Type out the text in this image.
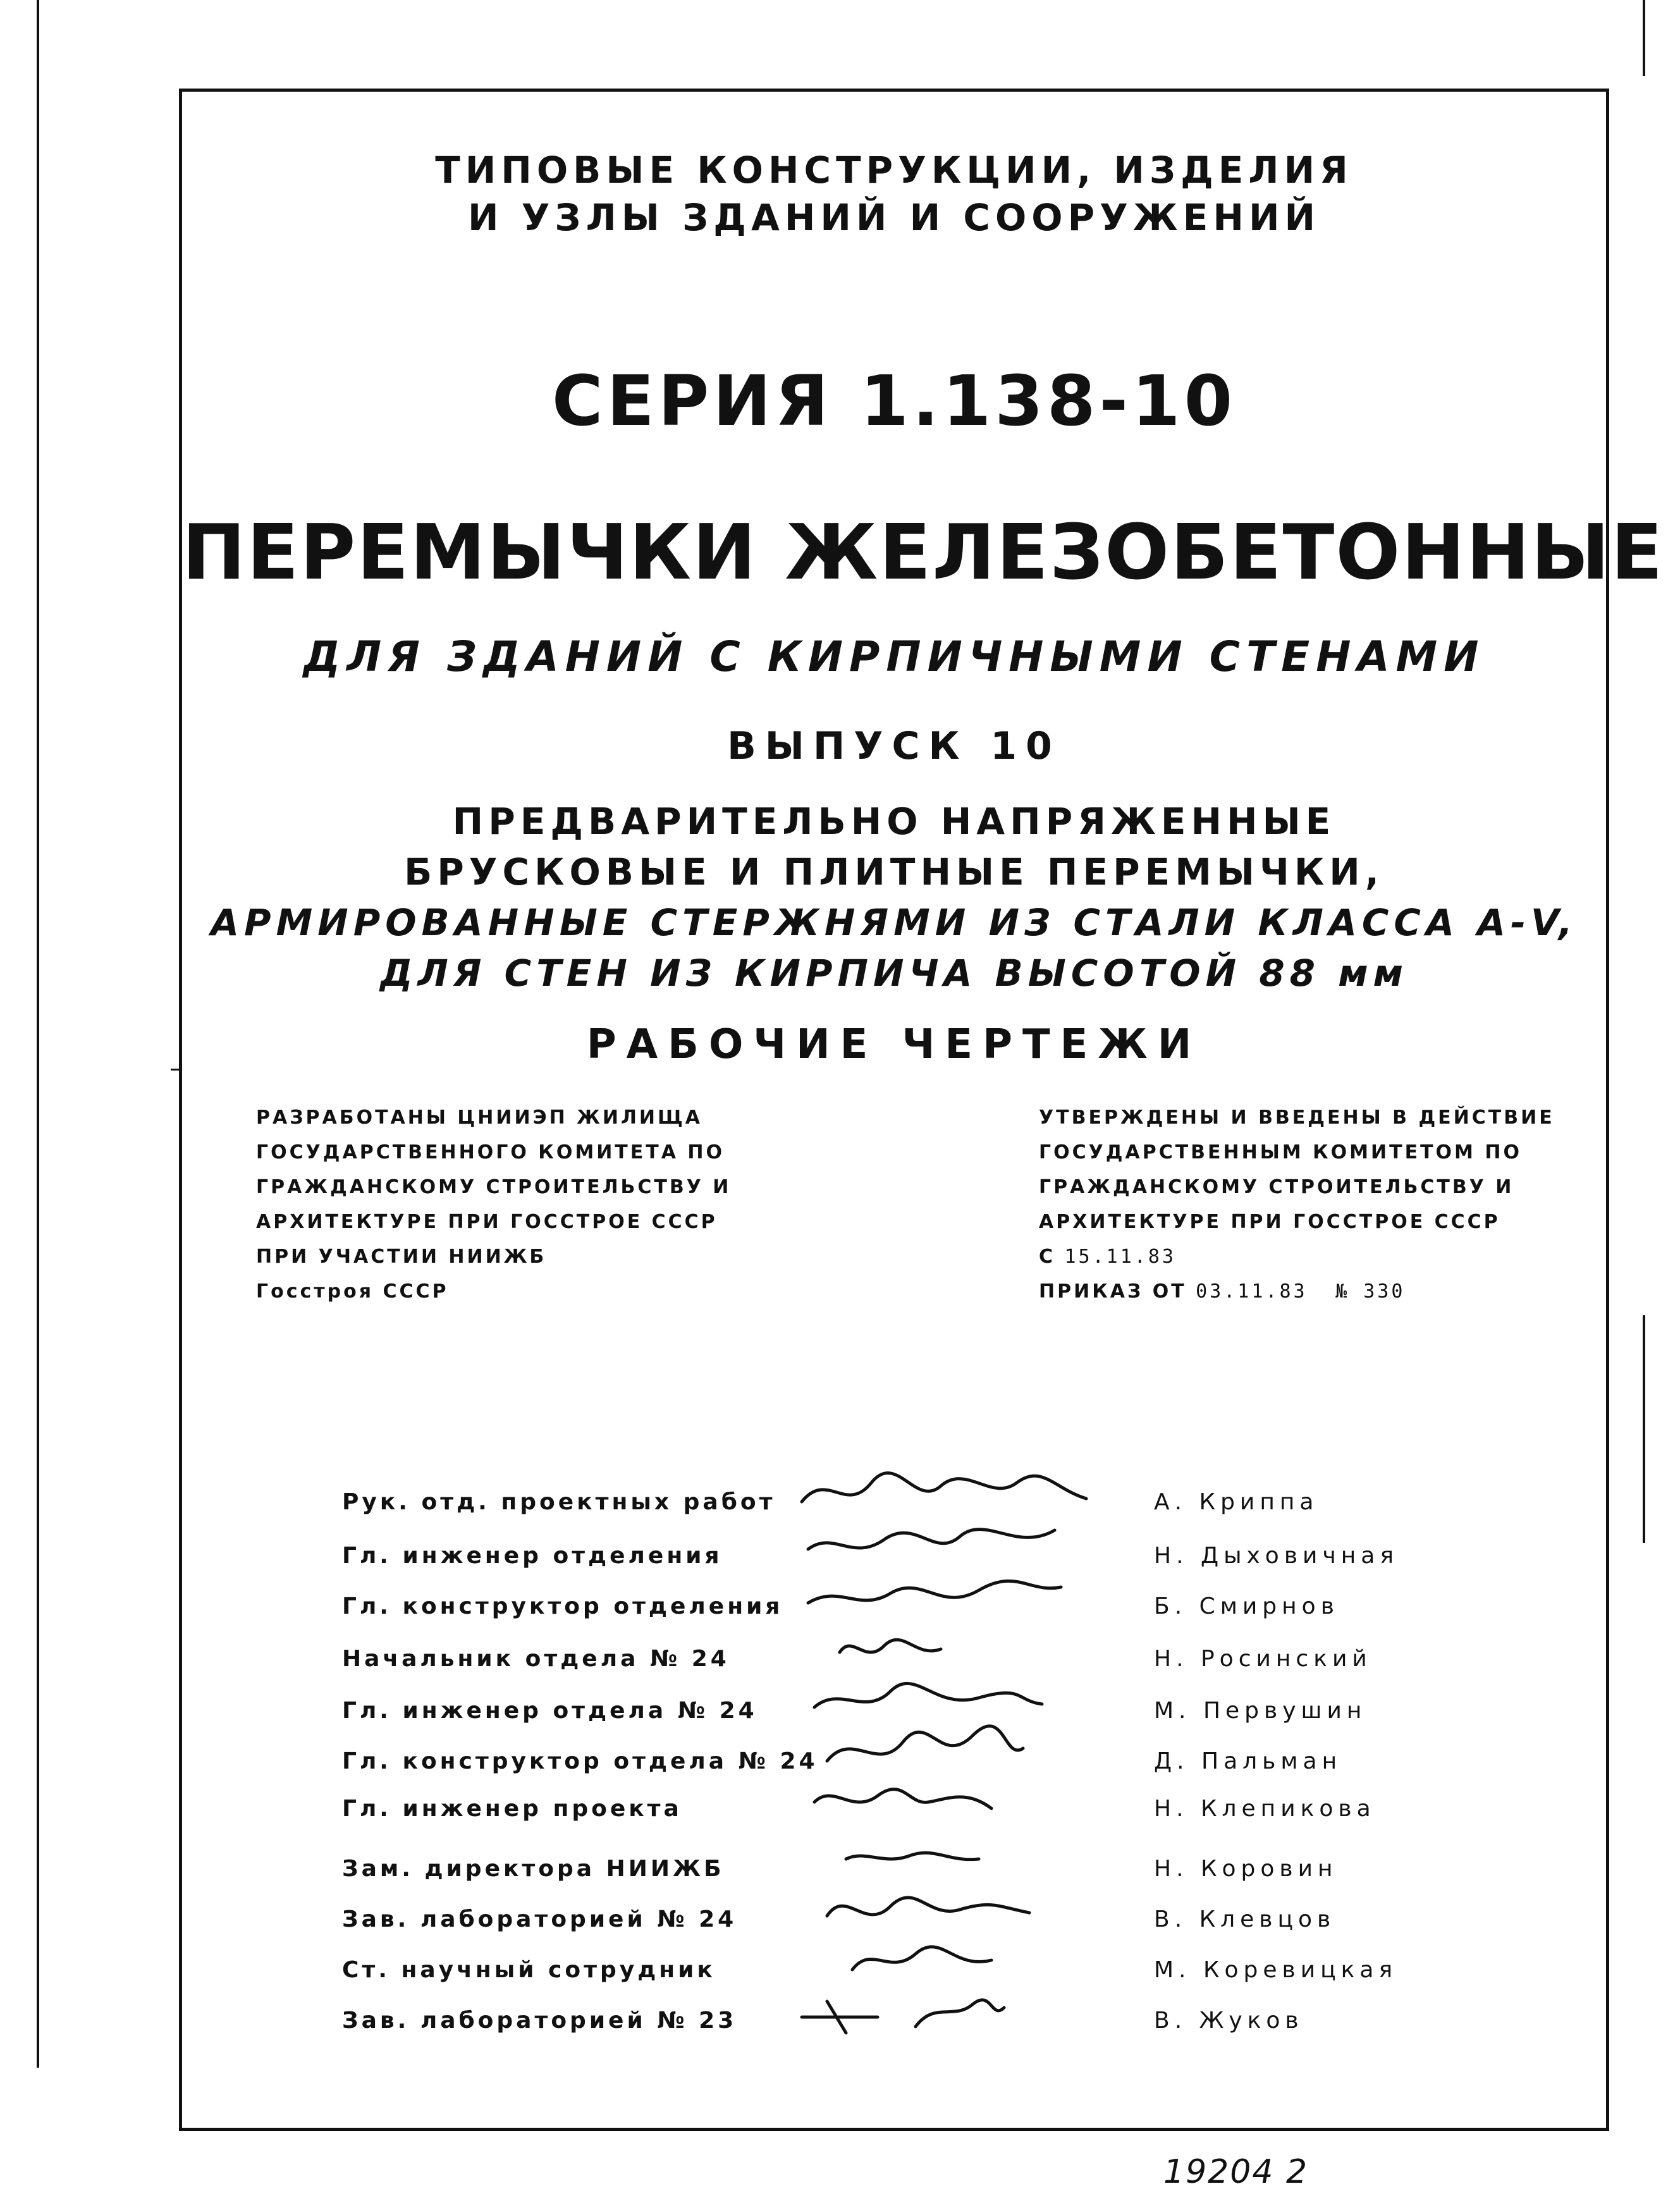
ТИПОВЫЕ КОНСТРУКЦИИ, ИЗДЕЛИЯ
И УЗЛЫ ЗДАНИЙ И СООРУЖЕНИЙ
СЕРИЯ 1.138-10
ПЕРЕМЫЧКИ ЖЕЛЕЗОБЕТОННЫЕ
ДЛЯ ЗДАНИЙ С КИРПИЧНЫМИ СТЕНАМИ
ВЫПУСК 10
ПРЕДВАРИТЕЛЬНО НАПРЯЖЕННЫЕ
БРУСКОВЫЕ И ПЛИТНЫЕ ПЕРЕМЫЧКИ,
АРМИРОВАННЫЕ СТЕРЖНЯМИ ИЗ СТАЛИ КЛАССА А-V,
ДЛЯ СТЕН ИЗ КИРПИЧА ВЫСОТОЙ 88 мм
РАБОЧИЕ ЧЕРТЕЖИ
РАЗРАБОТАНЫ ЦНИИЭП ЖИЛИЩА
ГОСУДАРСТВЕННОГО КОМИТЕТА ПО
ГРАЖДАНСКОМУ СТРОИТЕЛЬСТВУ И
АРХИТЕКТУРЕ ПРИ ГОССТРОЕ СССР
ПРИ УЧАСТИИ НИИЖБ
Госстроя СССР
УТВЕРЖДЕНЫ И ВВЕДЕНЫ В ДЕЙСТВИЕ
ГОСУДАРСТВЕННЫМ КОМИТЕТОМ ПО
ГРАЖДАНСКОМУ СТРОИТЕЛЬСТВУ И
АРХИТЕКТУРЕ ПРИ ГОССТРОЕ СССР
С 15.11.83
ПРИКАЗ ОТ 03.11.83 № 330
Рук. отд. проектных работ	А. Криппа
Гл. инженер отделения	Н. Дыховичная
Гл. конструктор отделения	Б. Смирнов
Начальник отдела № 24	Н. Росинский
Гл. инженер отдела № 24	М. Первушин
Гл. конструктор отдела № 24	Д. Пальман
Гл. инженер проекта	Н. Клепикова
Зам. директора НИИЖБ	Н. Коровин
Зав. лабораторией № 24	В. Клевцов
Ст. научный сотрудник	М. Коревицкая
Зав. лабораторией № 23	В. Жуков
19204 2
